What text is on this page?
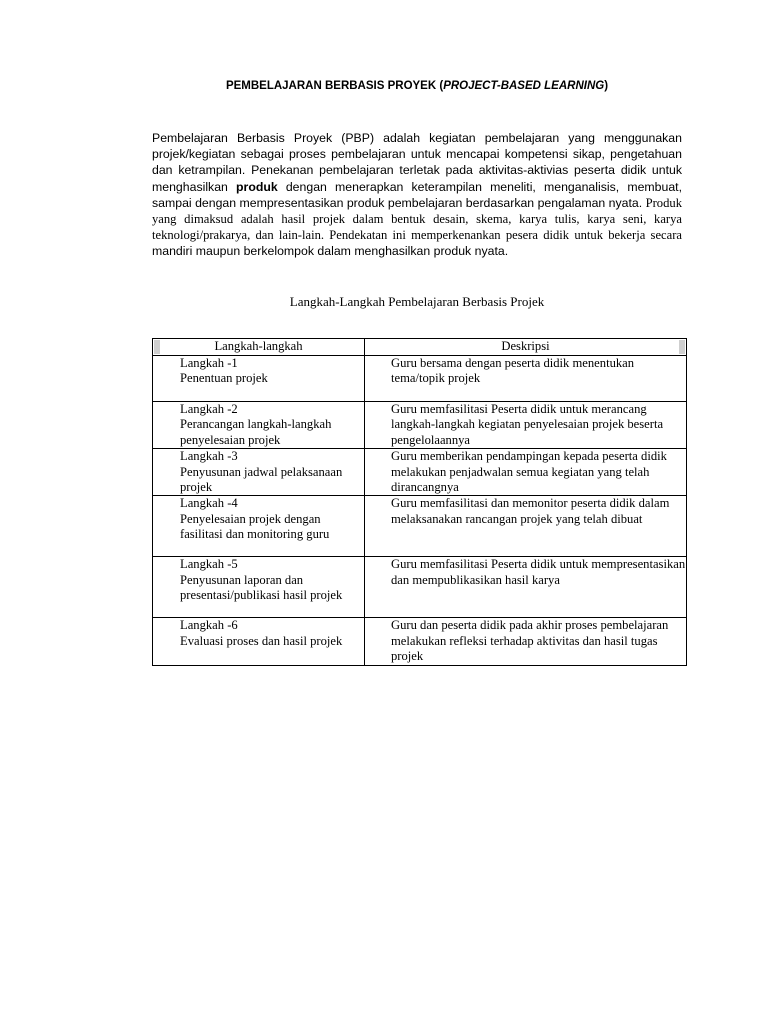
PEMBELAJARAN BERBASIS PROYEK (PROJECT-BASED LEARNING)

Pembelajaran Berbasis Proyek (PBP) adalah kegiatan pembelajaran yang menggunakan projek/kegiatan sebagai proses pembelajaran untuk mencapai kompetensi sikap, pengetahuan dan ketrampilan. Penekanan pembelajaran terletak pada aktivitas-aktivias peserta didik untuk menghasilkan produk dengan menerapkan keterampilan meneliti, menganalisis, membuat, sampai dengan mempresentasikan produk pembelajaran berdasarkan pengalaman nyata. Produk yang dimaksud adalah hasil projek dalam bentuk desain, skema, karya tulis, karya seni, karya teknologi/prakarya, dan lain-lain. Pendekatan ini memperkenankan pesera didik untuk bekerja secara mandiri maupun berkelompok dalam menghasilkan produk nyata.

Langkah-Langkah Pembelajaran Berbasis Projek
Langkah-langkah	Deskripsi

Langkah -1
Penentuan projek	Guru bersama dengan peserta didik menentukan tema/topik projek

Langkah -2
Perancangan langkah-langkah penyelesaian projek	Guru memfasilitasi Peserta didik untuk merancang langkah-langkah kegiatan penyelesaian projek beserta pengelolaannya

Langkah -3
Penyusunan jadwal pelaksanaan projek	Guru memberikan pendampingan kepada peserta didik melakukan penjadwalan semua kegiatan yang telah dirancangnya

Langkah -4
Penyelesaian projek dengan fasilitasi dan monitoring guru	Guru memfasilitasi dan memonitor peserta didik dalam melaksanakan rancangan projek yang telah dibuat

Langkah -5
Penyusunan laporan dan presentasi/publikasi hasil projek	Guru memfasilitasi Peserta didik untuk mempresentasikan dan mempublikasikan hasil karya

Langkah -6
Evaluasi proses dan hasil projek	Guru dan peserta didik pada akhir proses pembelajaran melakukan refleksi terhadap aktivitas dan hasil tugas projek
